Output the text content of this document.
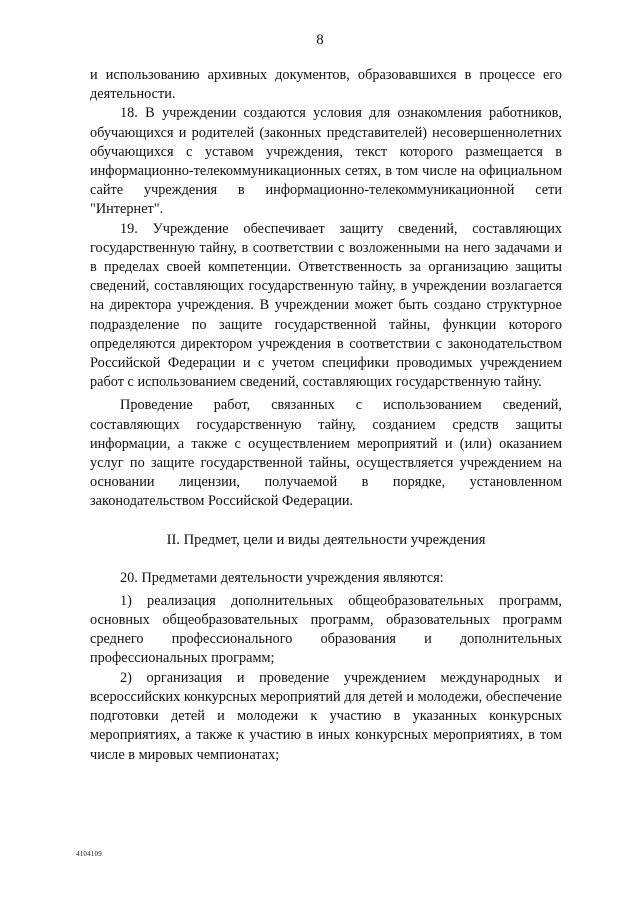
8

и использованию архивных документов, образовавшихся в процессе его деятельности.

18. В учреждении создаются условия для ознакомления работников, обучающихся и родителей (законных представителей) несовершеннолетних обучающихся с уставом учреждения, текст которого размещается в информационно-телекоммуникационных сетях, в том числе на официальном сайте учреждения в информационно-телекоммуникационной сети "Интернет".

19. Учреждение обеспечивает защиту сведений, составляющих государственную тайну, в соответствии с возложенными на него задачами и в пределах своей компетенции. Ответственность за организацию защиты сведений, составляющих государственную тайну, в учреждении возлагается на директора учреждения. В учреждении может быть создано структурное подразделение по защите государственной тайны, функции которого определяются директором учреждения в соответствии с законодательством Российской Федерации и с учетом специфики проводимых учреждением работ с использованием сведений, составляющих государственную тайну.

Проведение работ, связанных с использованием сведений, составляющих государственную тайну, созданием средств защиты информации, а также с осуществлением мероприятий и (или) оказанием услуг по защите государственной тайны, осуществляется учреждением на основании лицензии, получаемой в порядке, установленном законодательством Российской Федерации.

II. Предмет, цели и виды деятельности учреждения

20. Предметами деятельности учреждения являются:

1) реализация дополнительных общеобразовательных программ, основных общеобразовательных программ, образовательных программ среднего профессионального образования и дополнительных профессиональных программ;

2) организация и проведение учреждением международных и всероссийских конкурсных мероприятий для детей и молодежи, обеспечение подготовки детей и молодежи к участию в указанных конкурсных мероприятиях, а также к участию в иных конкурсных мероприятиях, в том числе в мировых чемпионатах;

4104109
